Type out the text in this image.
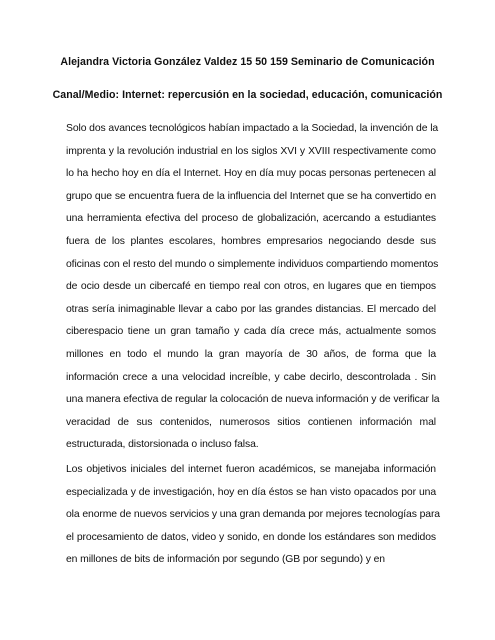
Alejandra Victoria González Valdez 15 50 159 Seminario de Comunicación
Canal/Medio: Internet: repercusión en la sociedad, educación, comunicación
Solo dos avances tecnológicos habían impactado a la Sociedad, la invención de la
imprenta y la revolución industrial en los siglos XVI y XVIII respectivamente como
lo ha hecho hoy en día el Internet. Hoy en día muy pocas personas pertenecen al
grupo que se encuentra fuera de la influencia del Internet que se ha convertido en
una herramienta efectiva del proceso de globalización, acercando a estudiantes
fuera de los plantes escolares, hombres empresarios negociando desde sus
oficinas con el resto del mundo o simplemente individuos compartiendo momentos
de ocio desde un cibercafé en tiempo real con otros, en lugares que en tiempos
otras sería inimaginable llevar a cabo por las grandes distancias. El mercado del
ciberespacio tiene un gran tamaño y cada día crece más, actualmente somos
millones en todo el mundo la gran mayoría de 30 años, de forma que la
información crece a una velocidad increíble, y cabe decirlo, descontrolada . Sin
una manera efectiva de regular la colocación de nueva información y de verificar la
veracidad de sus contenidos, numerosos sitios contienen información mal
estructurada, distorsionada o incluso falsa.
Los objetivos iniciales del internet fueron académicos, se manejaba información
especializada y de investigación, hoy en día éstos se han visto opacados por una
ola enorme de nuevos servicios y una gran demanda por mejores tecnologías para
el procesamiento de datos, video y sonido, en donde los estándares son medidos
en millones de bits de información por segundo (GB por segundo) y en
